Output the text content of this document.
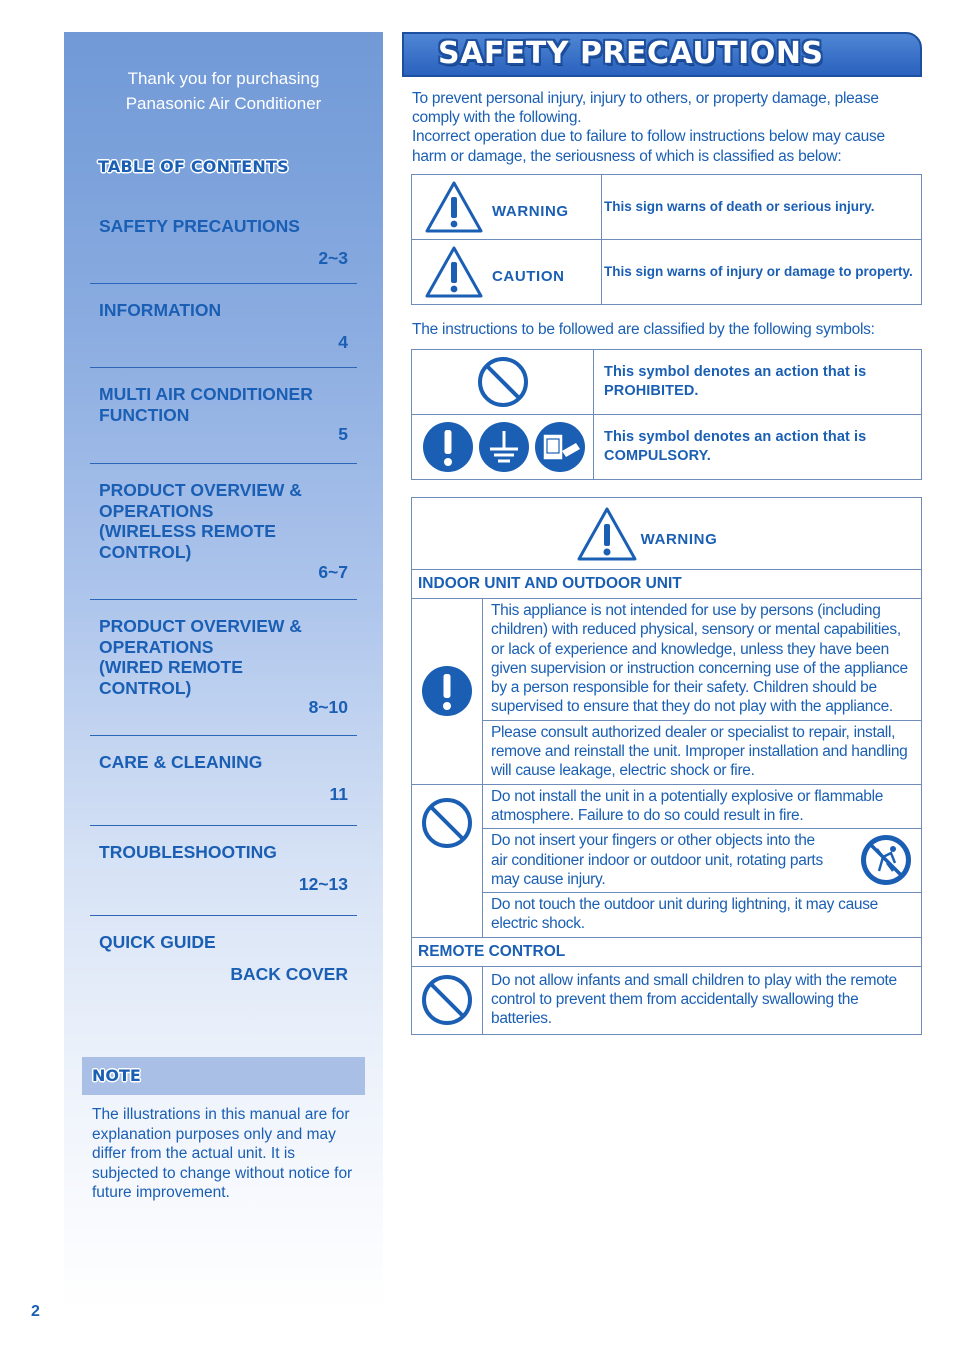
Thank you for purchasing
Panasonic Air Conditioner
TABLE OF CONTENTS
SAFETY PRECAUTIONS
2~3
INFORMATION
4
MULTI AIR CONDITIONER
FUNCTION
5
PRODUCT OVERVIEW &
OPERATIONS
(WIRELESS REMOTE
CONTROL)
6~7
PRODUCT OVERVIEW &
OPERATIONS
(WIRED REMOTE
CONTROL)
8~10
CARE & CLEANING
11
TROUBLESHOOTING
12~13
QUICK GUIDE
BACK COVER
NOTE
The illustrations in this manual are for explanation purposes only and may differ from the actual unit. It is subjected to change without notice for future improvement.
2
SAFETY PRECAUTIONS
To prevent personal injury, injury to others, or property damage, please comply with the following.
Incorrect operation due to failure to follow instructions below may cause harm or damage, the seriousness of which is classified as below:
WARNING	This sign warns of death or serious injury.

CAUTION	This sign warns of injury or damage to property.
The instructions to be followed are classified by the following symbols:

This symbol denotes an action that is PROHIBITED.

This symbol denotes an action that is COMPULSORY.
WARNING	

INDOOR UNIT AND OUTDOOR UNIT	

	This appliance is not intended for use by persons (including children) with reduced physical, sensory or mental capabilities, or lack of experience and knowledge, unless they have been given supervision or instruction concerning use of the appliance by a person responsible for their safety. Children should be supervised to ensure that they do not play with the appliance.
	Please consult authorized dealer or specialist to repair, install, remove and reinstall the unit. Improper installation and handling will cause leakage, electric shock or fire.

	Do not install the unit in a potentially explosive or flammable atmosphere. Failure to do so could result in fire.

	Do not insert your fingers or other objects into the air conditioner indoor or outdoor unit, rotating parts may cause injury.

	Do not touch the outdoor unit during lightning, it may cause electric shock.
REMOTE CONTROL	

	Do not allow infants and small children to play with the remote control to prevent them from accidentally swallowing the batteries.
